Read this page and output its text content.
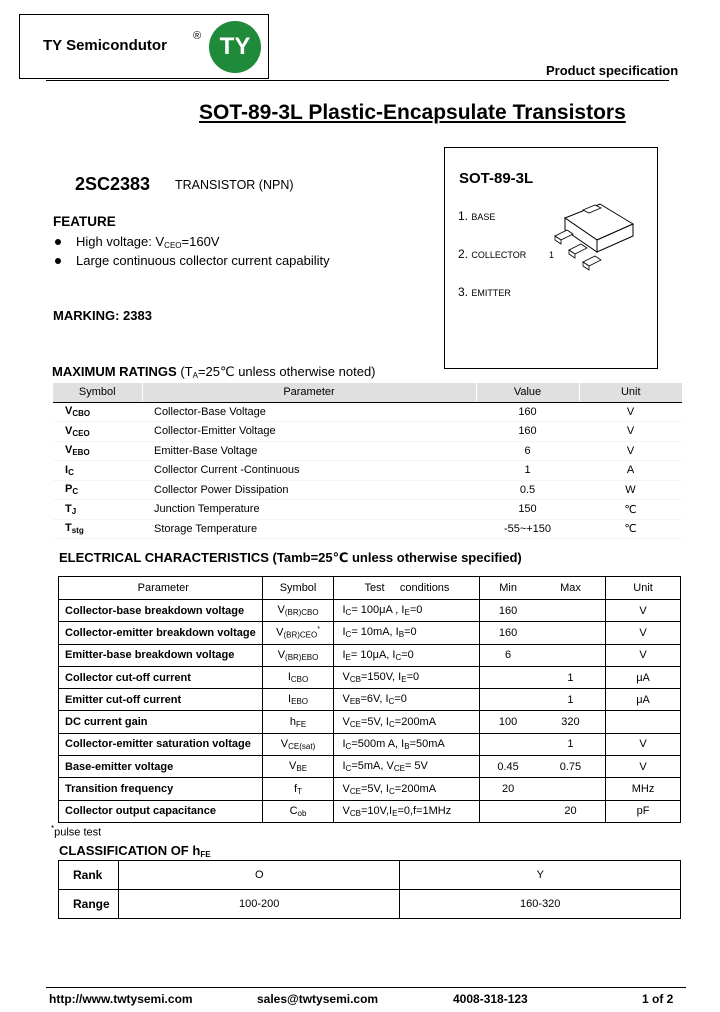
TY Semicondutor
® TY
Product specification
SOT-89-3L Plastic-Encapsulate Transistors
SOT-89-3L
1. BASE
2. COLLECTOR
3. EMITTER
1
2SC2383 TRANSISTOR (NPN)
FEATURE
High voltage: $V_{CEO}=160V$
Large continuous collector current capability
MARKING: 2383
MAXIMUM RATINGS ($T_A=25℃$ unless otherwise noted)
Symbol	Parameter	Value	Unit
$V_{CBO}$	Collector-Base Voltage	160	V
$V_{CEO}$	Collector-Emitter Voltage	160	V
$V_{EBO}$	Emitter-Base Voltage	6	V
$I_C$	Collector Current -Continuous	1	A
$P_C$	Collector Power Dissipation	0.5	W
$T_J$	Junction Temperature	150	℃
$T_{stg}$	Storage Temperature	-55~+150	℃
ELECTRICAL CHARACTERISTICS (Tamb=25℃ unless otherwise specified)
Parameter	Symbol	Test     conditions	Min	Max	Unit
Collector-base breakdown voltage	$V_{(BR)CBO}$	$I_C= 100\mu A$ , $I_E=0$	160		V
Collector-emitter breakdown voltage	$V_{(BR)CEO}^*$	$I_C= 10mA$, $I_B=0$	160		V
Emitter-base breakdown voltage	$V_{(BR)EBO}$	$I_E= 10\mu A$, $I_C=0$	6		V
Collector cut-off current	$I_{CBO}$	$V_{CB}=150V$, $I_E=0$		1	μA
Emitter cut-off current	$I_{EBO}$	$V_{EB}=6V$, $I_C=0$		1	μA
DC current gain	$h_{FE}$	$V_{CE}=5V$, $I_C=200mA$	100	320	
Collector-emitter saturation voltage	$V_{CE(sat)}$	$I_C=500m$ A, $I_B=50mA$		1	V
Base-emitter voltage	$V_{BE}$	$I_C=5mA$, $V_{CE}= 5V$	0.45	0.75	V
Transition frequency	$f_T$	$V_{CE}=5V$, $I_C=200mA$	20		MHz
Collector output capacitance	$C_{ob}$	$V_{CB}=10V,I_E=0,f=1MHz$		20	pF
*pulse test
CLASSIFICATION OF $h_{FE}$
Rank	O	Y
Range	100-200	160-320
http://www.twtysemi.com	sales@twtysemi.com	4008-318-123	1 of 2
